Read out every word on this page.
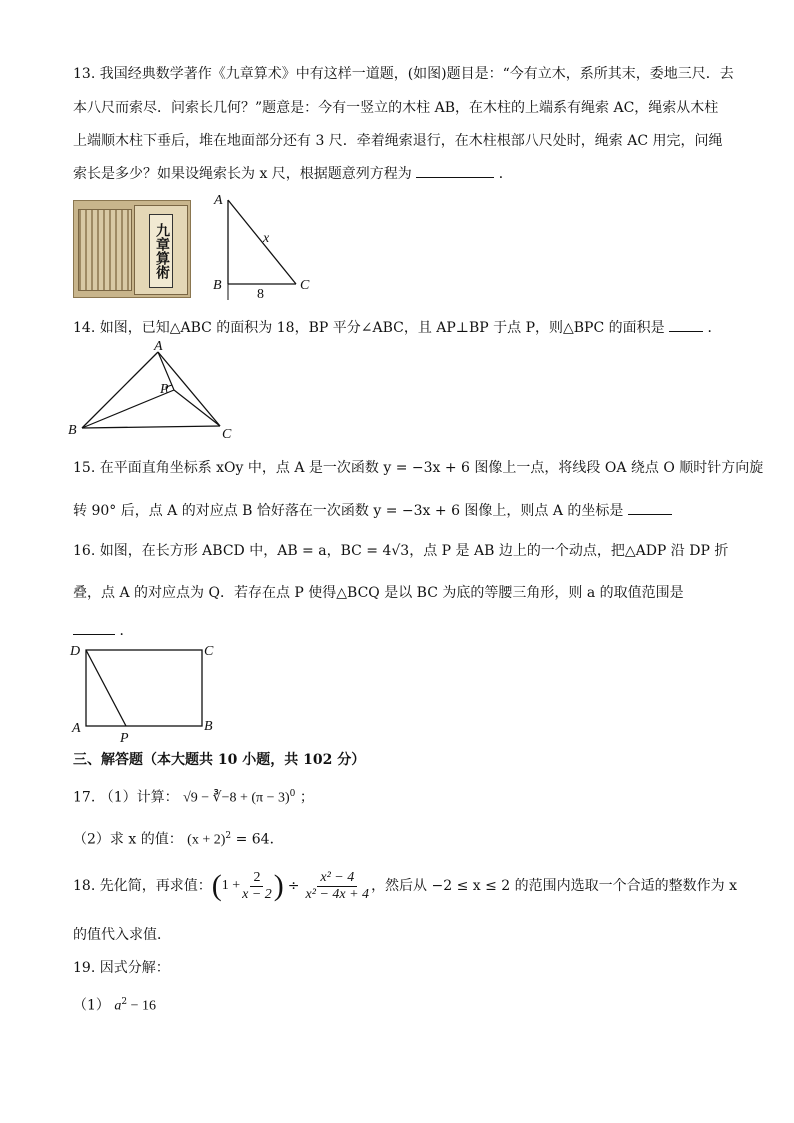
13. 我国经典数学著作《九章算术》中有这样一道题，(如图)题目是：“今有立木，系所其末，委地三尺．去
本八尺而索尽．问索长几何？”题意是：今有一竖立的木柱 AB，在木柱的上端系有绳索 AC，绳索从木柱
上端顺木柱下垂后，堆在地面部分还有 3 尺．牵着绳索退行，在木柱根部八尺处时，绳索 AC 用完，问绳
索长是多少？如果设绳索长为 x 尺，根据题意列方程为	．
九章算術
A
B	C
x
8
14. 如图，已知△ABC 的面积为 18，BP 平分∠ABC，且 AP⊥BP 于点 P，则△BPC 的面积是	．
A
B	C
P
15. 在平面直角坐标系 xOy 中，点 A 是一次函数 y = −3x + 6 图像上一点，将线段 OA 绕点 O 顺时针方向旋
转 90° 后，点 A 的对应点 B 恰好落在一次函数 y = −3x + 6 图像上，则点 A 的坐标是
16. 如图，在长方形 ABCD 中，AB = a，BC = 4√3，点 P 是 AB 边上的一个动点，把△ADP 沿 DP 折
叠，点 A 的对应点为 Q．若存在点 P 使得△BCQ 是以 BC 为底的等腰三角形，则 a 的取值范围是
．
D	C
A	B
P
三、解答题（本大题共 10 小题，共 102 分）
17. （1）计算： √9 − ∛−8 + $(\pi - 3)^0$ ；
（2）求 x 的值： $(x + 2)^2 = 64$．
18. 先化简，再求值： ( $1 + \frac{2}{x - 2}$ ) ÷ $\frac{\text{x² − 4}}{\text{x² − 4x + 4}}$ ，然后从 −2 ≤ x ≤ 2 的范围内选取一个合适的整数作为 x
的值代入求值．
19. 因式分解：
（1） $a^2 - 16$
